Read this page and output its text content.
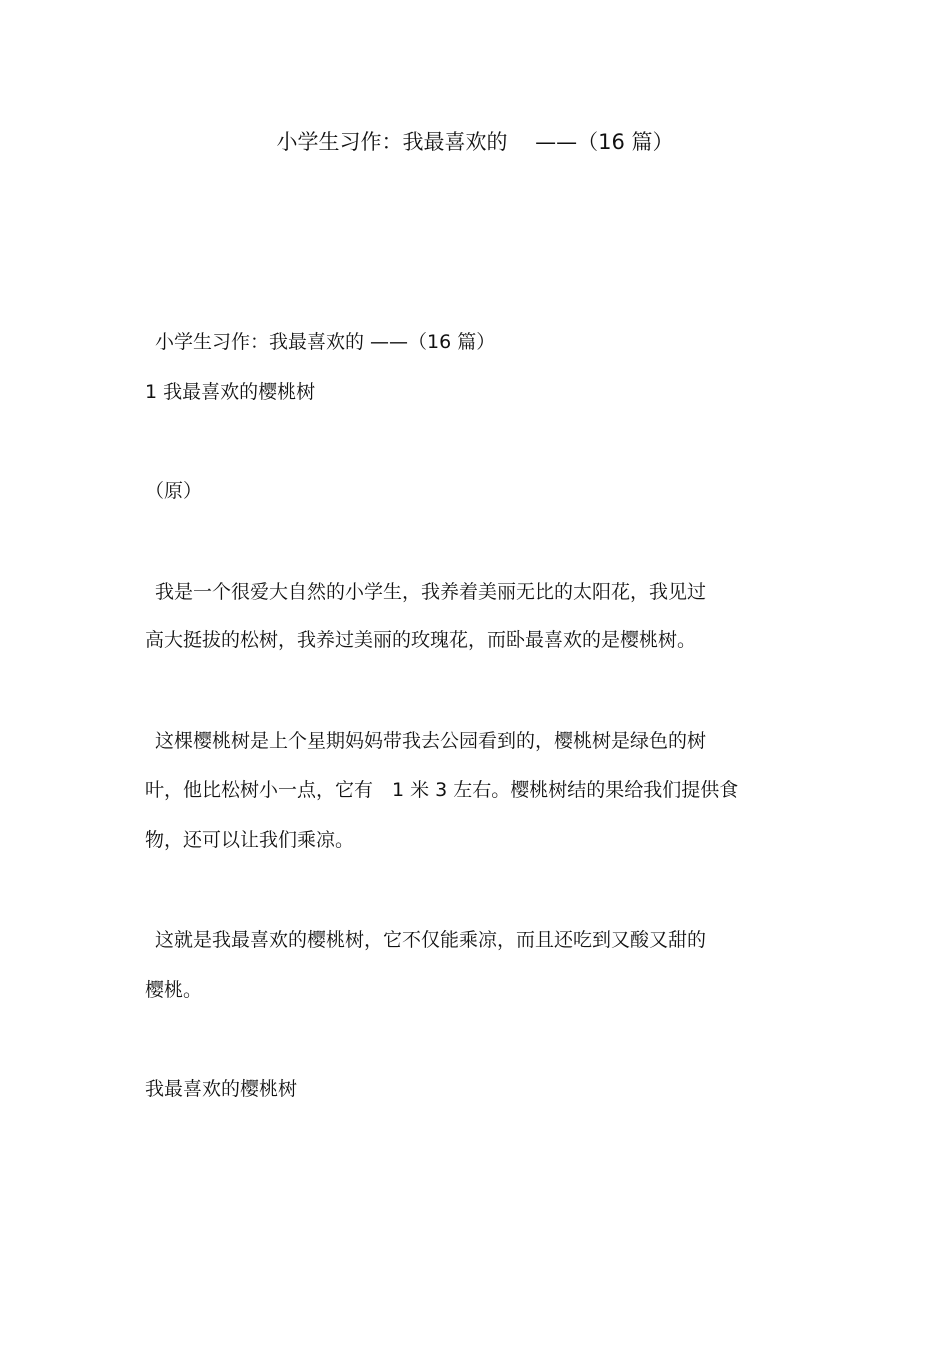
小学生习作：我最喜欢的　 ——（16 篇）
小学生习作：我最喜欢的 ——（16 篇）
1 我最喜欢的樱桃树
（原）
我是一个很爱大自然的小学生，我养着美丽无比的太阳花，我见过
高大挺拔的松树，我养过美丽的玫瑰花，而卧最喜欢的是樱桃树。
这棵樱桃树是上个星期妈妈带我去公园看到的，樱桃树是绿色的树
叶，他比松树小一点，它有　1 米 3 左右。樱桃树结的果给我们提供食
物，还可以让我们乘凉。
这就是我最喜欢的樱桃树，它不仅能乘凉，而且还吃到又酸又甜的
樱桃。
我最喜欢的樱桃树
